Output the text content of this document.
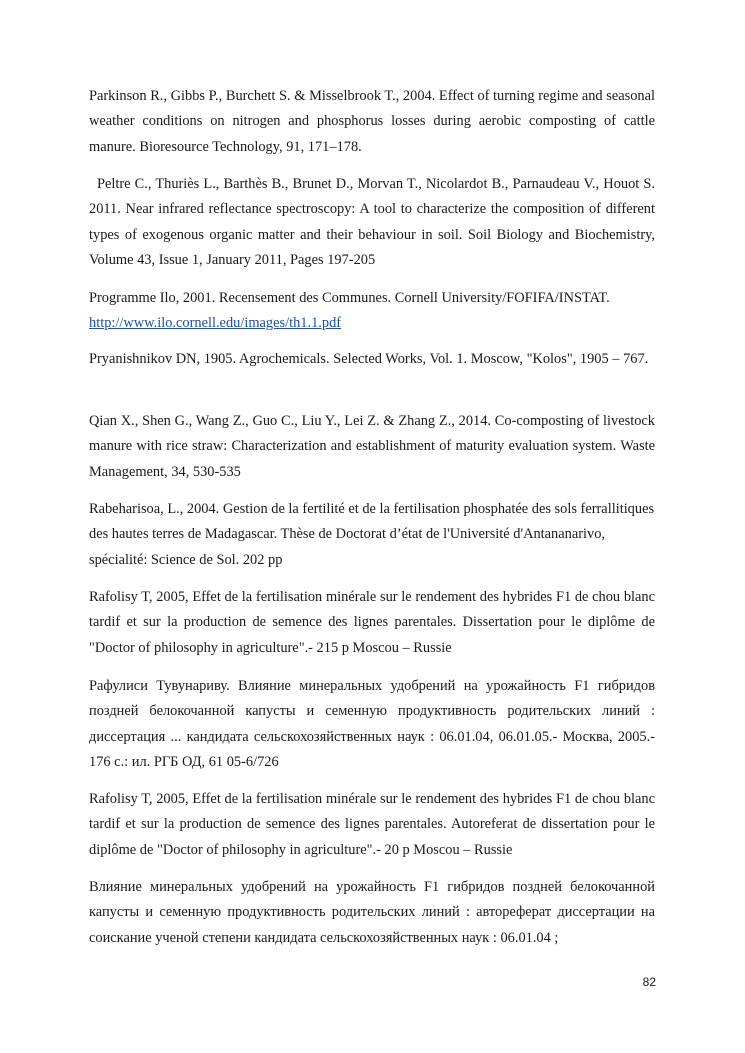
Parkinson R., Gibbs P., Burchett S. & Misselbrook T., 2004. Effect of turning regime and seasonal weather conditions on nitrogen and phosphorus losses during aerobic composting of cattle manure. Bioresource Technology, 91, 171–178.

Peltre C., Thuriès L., Barthès B., Brunet D., Morvan T., Nicolardot B., Parnaudeau V., Houot S. 2011. Near infrared reflectance spectroscopy: A tool to characterize the composition of different types of exogenous organic matter and their behaviour in soil. Soil Biology and Biochemistry, Volume 43, Issue 1, January 2011, Pages 197-205

Programme Ilo, 2001. Recensement des Communes. Cornell University/FOFIFA/INSTAT.
http://www.ilo.cornell.edu/images/th1.1.pdf

Pryanishnikov DN, 1905. Agrochemicals. Selected Works, Vol. 1. Moscow, "Kolos", 1905 – 767.

Qian X., Shen G., Wang Z., Guo C., Liu Y., Lei Z. & Zhang Z., 2014. Co-composting of livestock manure with rice straw: Characterization and establishment of maturity evaluation system. Waste Management, 34, 530-535

Rabeharisoa, L., 2004. Gestion de la fertilité et de la fertilisation phosphatée des sols ferrallitiques des hautes terres de Madagascar. Thèse de Doctorat d’état de l'Université d'Antananarivo, spécialité: Science de Sol. 202 pp

Rafolisy T, 2005, Effet de la fertilisation minérale sur le rendement des hybrides F1 de chou blanc tardif et sur la production de semence des lignes parentales. Dissertation pour le diplôme de "Doctor of philosophy in agriculture".- 215 p Moscou – Russie

Рафулиси Тувунариву. Влияние минеральных удобрений на урожайность F1 гибридов поздней белокочанной капусты и семенную продуктивность родительских линий : диссертация ... кандидата сельскохозяйственных наук : 06.01.04, 06.01.05.- Москва, 2005.- 176 с.: ил. РГБ ОД, 61 05-6/726

Rafolisy T, 2005, Effet de la fertilisation minérale sur le rendement des hybrides F1 de chou blanc tardif et sur la production de semence des lignes parentales. Autoreferat de dissertation pour le diplôme de "Doctor of philosophy in agriculture".- 20 p Moscou – Russie

Влияние минеральных удобрений на урожайность F1 гибридов поздней белокочанной капусты и семенную продуктивность родительских линий : автореферат диссертации на соискание ученой степени кандидата сельскохозяйственных наук : 06.01.04 ;

82
